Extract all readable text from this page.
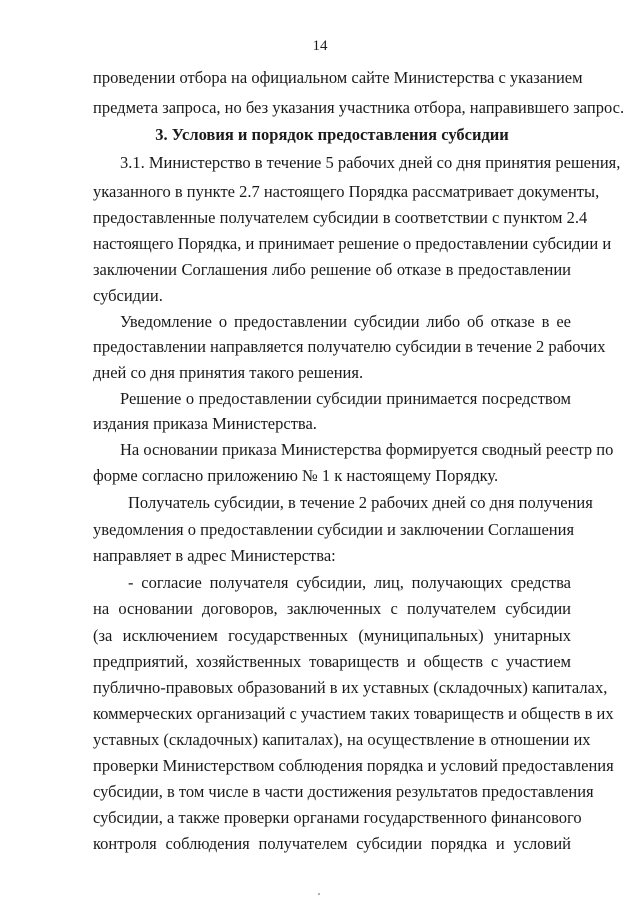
14
проведении отбора на официальном сайте Министерства с указанием
предмета запроса, но без указания участника отбора, направившего запрос.
3. Условия и порядок предоставления субсидии
3.1. Министерство в течение 5 рабочих дней со дня принятия решения,
указанного в пункте 2.7 настоящего Порядка рассматривает документы,
предоставленные получателем субсидии в соответствии с пунктом 2.4
настоящего Порядка, и принимает решение о предоставлении субсидии и
заключении Соглашения либо решение об отказе в предоставлении
субсидии.
Уведомление о предоставлении субсидии либо об отказе в ее
предоставлении направляется получателю субсидии в течение 2 рабочих
дней со дня принятия такого решения.
Решение о предоставлении субсидии принимается посредством
издания приказа Министерства.
На основании приказа Министерства формируется сводный реестр по
форме согласно приложению № 1 к настоящему Порядку.
Получатель субсидии, в течение 2 рабочих дней со дня получения
уведомления о предоставлении субсидии и заключении Соглашения
направляет в адрес Министерства:
- согласие получателя субсидии, лиц, получающих средства
на основании договоров, заключенных с получателем субсидии
(за исключением государственных (муниципальных) унитарных
предприятий, хозяйственных товариществ и обществ с участием
публично-правовых образований в их уставных (складочных) капиталах,
коммерческих организаций с участием таких товариществ и обществ в их
уставных (складочных) капиталах), на осуществление в отношении их
проверки Министерством соблюдения порядка и условий предоставления
субсидии, в том числе в части достижения результатов предоставления
субсидии, а также проверки органами государственного финансового
контроля соблюдения получателем субсидии порядка и условий
